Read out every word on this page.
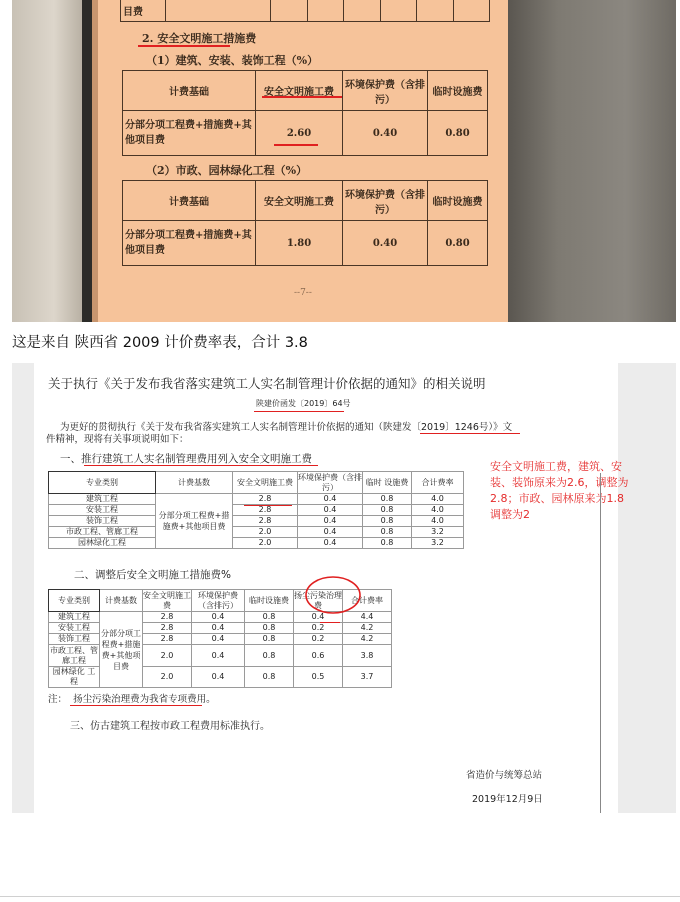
目费							
2. 安全文明施工措施费
（1）建筑、安装、装饰工程（%）
计费基础	安全文明施工费	环境保护费（含排污）	临时设施费
分部分项工程费+措施费+其他项目费	2.60	0.40	0.80
（2）市政、园林绿化工程（%）
计费基础	安全文明施工费	环境保护费（含排污）	临时设施费
分部分项工程费+措施费+其他项目费	1.80	0.40	0.80
--7--
这是来自 陕西省 2009 计价费率表，合计 3.8
关于执行《关于发布我省落实建筑工人实名制管理计价依据的通知》的相关说明
陕建价函发〔2019〕64号
为更好的贯彻执行《关于发布我省落实建筑工人实名制管理计价依据的通知（陕建发〔2019〕1246号）》文
件精神，现将有关事项说明如下：
一、推行建筑工人实名制管理费用列入安全文明施工费
专业类别	计费基数	安全文明施工费	环境保护费（含排污）	临时 设施费	合计费率
建筑工程	分部分项工程费+措施费+其他项目费	2.8	0.4	0.8	4.0
安装工程		2.8	0.4	0.8	4.0
装饰工程		2.8	0.4	0.8	4.0
市政工程、管廊工程		2.0	0.4	0.8	3.2
园林绿化工程		2.0	0.4	0.8	3.2
安全文明施工费，建筑、安装、装饰原来为2.6，调整为2.8；市政、园林原来为1.8调整为2
二、调整后安全文明施工措施费%
专业类别	计费基数	安全文明施工费	环境保护费（含排污）	临时设施费	扬尘污染治理费	合计费率
建筑工程	分部分项工程费+措施费+其他项目费	2.8	0.4	0.8	0.4	4.4
安装工程		2.8	0.4	0.8	0.2	4.2
装饰工程		2.8	0.4	0.8	0.2	4.2
市政工程、管廊工程		2.0	0.4	0.8	0.6	3.8
园林绿化 工程		2.0	0.4	0.8	0.5	3.7
注： 扬尘污染治理费为我省专项费用。
三、仿古建筑工程按市政工程费用标准执行。
省造价与统筹总站
2019年12月9日
